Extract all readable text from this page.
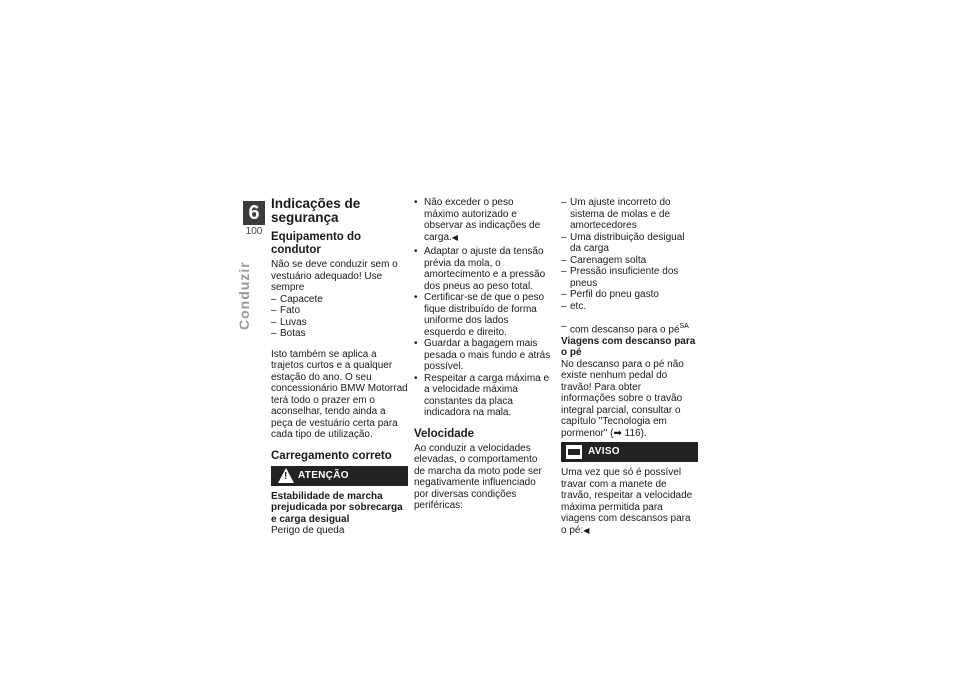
6
100
Conduzir
Indicações de
segurança
Equipamento do condutor

Não se deve conduzir sem o vestuário adequado! Use sempre

– Capacete
– Fato
– Luvas
– Botas

Isto também se aplica a trajetos curtos e a qualquer estação do ano. O seu concessionário BMW Motorrad terá todo o prazer em o aconselhar, tendo ainda a peça de vestuário certa para cada tipo de utilização.

Carregamento correto
! ATENÇÃO

Estabilidade de marcha prejudicada por sobrecarga e carga desigual

Perigo de queda

• Não exceder o peso máximo autorizado e observar as indicações de carga.◀
• Adaptar o ajuste da tensão prévia da mola, o amortecimento e a pressão dos pneus ao peso total.
• Certificar-se de que o peso fique distribuído de forma uniforme dos lados esquerdo e direito.
• Guardar a bagagem mais pesada o mais fundo e atrás possível.
• Respeitar a carga máxima e a velocidade máxima constantes da placa indicadora na mala.
Velocidade

Ao conduzir a velocidades elevadas, o comportamento de marcha da moto pode ser negativamente influenciado por diversas condições periféricas:

– Um ajuste incorreto do sistema de molas e de amortecedores
– Uma distribuição desigual da carga
– Carenagem solta
– Pressão insuficiente dos pneus
– Perfil do pneu gasto
– etc.
– com descanso para o $pé^{SA}$

Viagens com descanso para o pé

No descanso para o pé não existe nenhum pedal do travão! Para obter informações sobre o travão integral parcial, consultar o capítulo "Tecnologia em pormenor" (➡ 116).

AVISO

Uma vez que só é possível travar com a manete de travão, respeitar a velocidade máxima permitida para viagens com descansos para o pé:◀
